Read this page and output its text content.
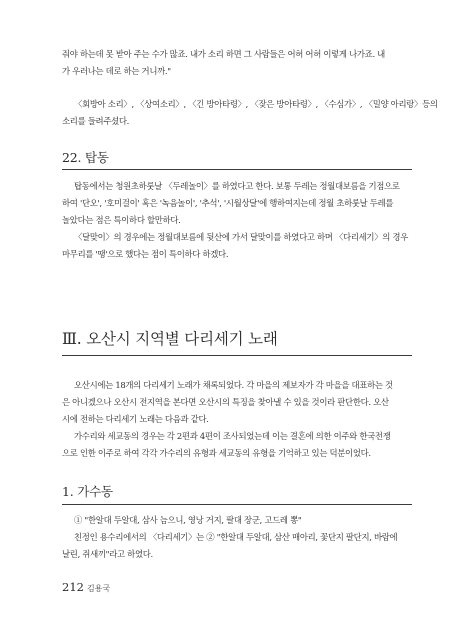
줘야 하는데 못 받아 주는 수가 많죠. 내가 소리 하면 그 사람들은 어허 어허 이렇게 나가죠. 내
가 우러나는 데로 하는 거니까."
〈회방아 소리〉, 〈상여소리〉, 〈긴 방아타령〉, 〈잦은 방아타령〉, 〈수심가〉, 〈밀양 아리랑〉등의
소리를 들려주셨다.
22. 탑동
탑동에서는 청원초하룻날 〈두레놀이〉를 하였다고 한다. 보통 두레는 정월대보름을 기점으로
하여 '단오', '호미걸이' 혹은 '녹음놀이', '추석', '시월상달'에 행하여지는데 정월 초하룻날 두레를
놀았다는 점은 특이하다 할만하다.
〈달맞이〉의 경우에는 정월대보름에 뒷산에 가서 달맞이를 하였다고 하며 〈다리세기〉의 경우
마무리를 '땡'으로 했다는 점이 특이하다 하겠다.
Ⅲ. 오산시 지역별 다리세기 노래
오산시에는 18개의 다리세기 노래가 채록되었다. 각 마을의 제보자가 각 마을을 대표하는 것
은 아니겠으나 오산시 전지역을 본다면 오산시의 특징을 찾아낼 수 있을 것이라 판단한다. 오산
시에 전하는 다리세기 노래는 다음과 같다.
가수리와 세교동의 경우는 각 2편과 4편이 조사되었는데 이는 결혼에 의한 이주와 한국전쟁
으로 인한 이주로 하여 각각 가수리의 유형과 세교동의 유형을 기억하고 있는 덕분이었다.
1. 가수동
① "한알대 두알대, 삼사 늠으니, 영낭 거지, 팔대 장군, 고드레 뽕"
친정인 용수리에서의 〈다리세기〉는 ② "한알대 두알대, 삼산 매아리, 꽃단지 팔단지, 바람에
날린, 쥐새끼"라고 하였다.
212 김용국
